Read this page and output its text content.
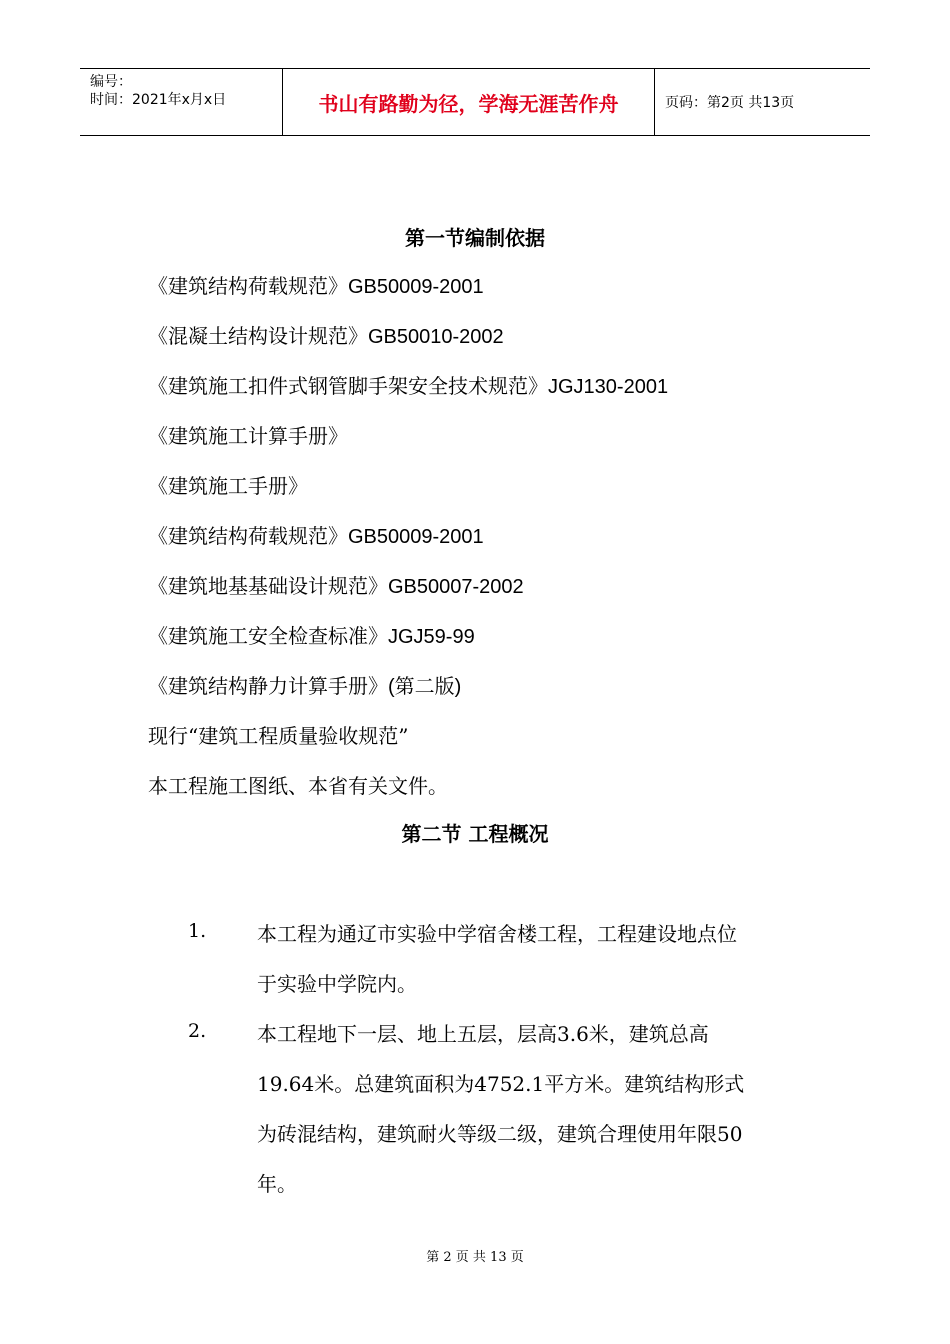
编号：
时间：2021年x月x日	书山有路勤为径，学海无涯苦作舟	页码：第2页 共13页
第一节编制依据
《建筑结构荷载规范》GB50009-2001
《混凝土结构设计规范》GB50010-2002
《建筑施工扣件式钢管脚手架安全技术规范》JGJ130-2001
《建筑施工计算手册》
《建筑施工手册》
《建筑结构荷载规范》GB50009-2001
《建筑地基基础设计规范》GB50007-2002
《建筑施工安全检查标准》JGJ59-99
《建筑结构静力计算手册》(第二版)
现行“建筑工程质量验收规范”
本工程施工图纸、本省有关文件。
第二节 工程概况
1.	本工程为通辽市实验中学宿舍楼工程，工程建设地点位
于实验中学院内。
2.	本工程地下一层、地上五层，层高3.6米，建筑总高
19.64米。总建筑面积为4752.1平方米。建筑结构形式
为砖混结构，建筑耐火等级二级，建筑合理使用年限50
年。
第 2 页 共 13 页
